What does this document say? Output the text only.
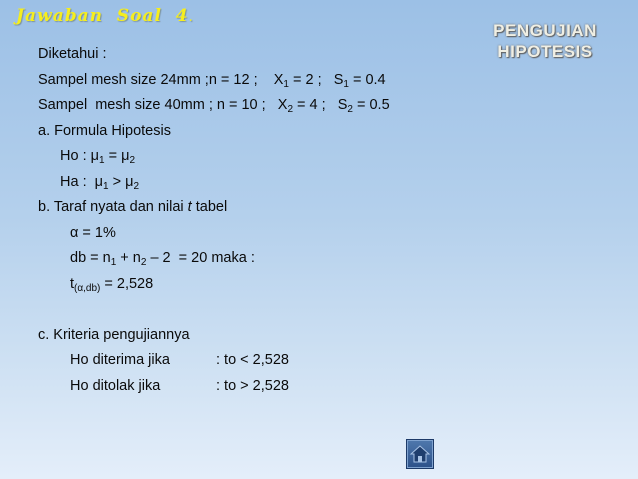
Jawaban  Soal  4.
PENGUJIAN
HIPOTESIS
Diketahui :
Sampel mesh size 24mm ;n = 12 ;    $X_1 = 2$ ;   $S_1 = 0.4$
Sampel  mesh size 40mm ; n = 10 ;   $X_2 = 4$ ;   $S_2 = 0.5$
a. Formula Hipotesis
Ho : $\mu_1 = \mu_2$
Ha :  $\mu_1 > \mu_2$
b. Taraf nyata dan nilai t tabel
α = 1%
db = $n_1 + n_2 - 2 = 20$ maka :
$t_{(\alpha,db)} = 2,528$
c. Kriteria pengujiannya
Ho diterima jika	: to < 2,528
Ho ditolak jika	: to > 2,528
